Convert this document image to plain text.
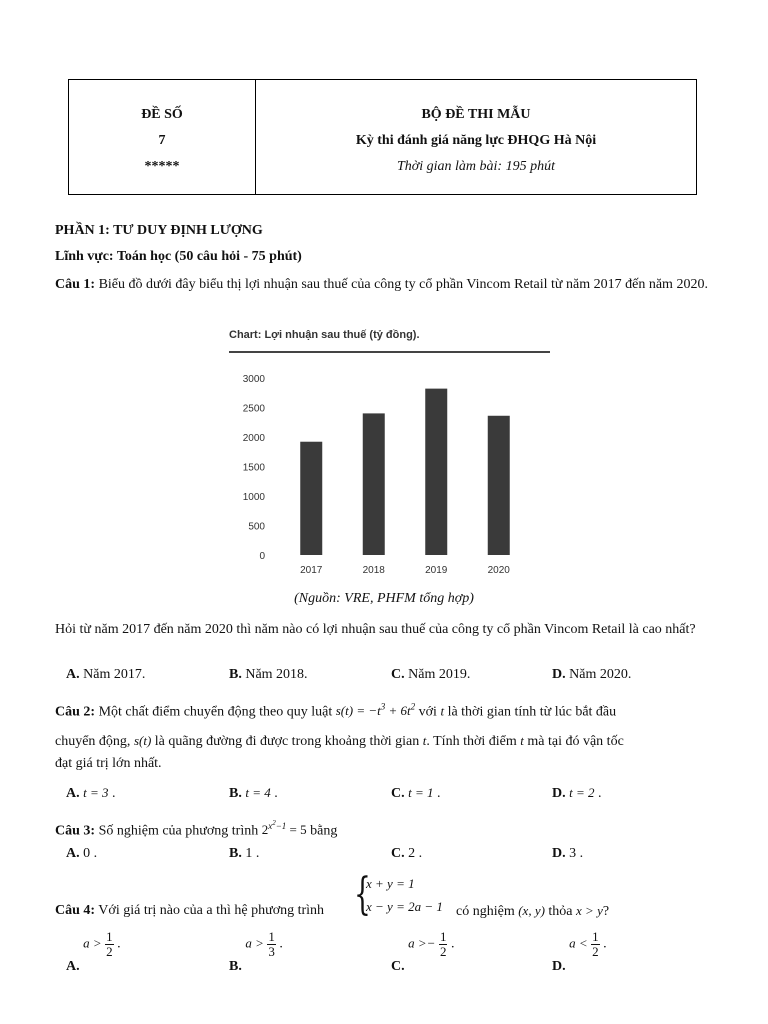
ĐỀ SỐ
7
*****
BỘ ĐỀ THI MẪU
Kỳ thi đánh giá năng lực ĐHQG Hà Nội
Thời gian làm bài: 195 phút
PHẦN 1: TƯ DUY ĐỊNH LƯỢNG
Lĩnh vực: Toán học (50 câu hỏi - 75 phút)
Câu 1: Biểu đồ dưới đây biểu thị lợi nhuận sau thuế của công ty cổ phần Vincom Retail từ năm 2017 đến năm 2020.
Chart: Lợi nhuận sau thuế (tỷ đồng).
0
500
1000
1500
2000
2500
3000
2017	2018	2019	2020
(Nguồn: VRE, PHFM tổng hợp)
Hỏi từ năm 2017 đến năm 2020 thì năm nào có lợi nhuận sau thuế của công ty cổ phần Vincom Retail là cao nhất?
A. Năm 2017.	B. Năm 2018.	C. Năm 2019.	D. Năm 2020.
Câu 2: Một chất điểm chuyển động theo quy luật $s(t) = -t^3 + 6t^2$ với t là thời gian tính từ lúc bắt đầu
chuyển động, s(t) là quãng đường đi được trong khoảng thời gian t. Tính thời điểm t mà tại đó vận tốc
đạt giá trị lớn nhất.
A. t = 3 .	B. t = 4 .	C. t = 1 .	D. t = 2 .
Câu 3: Số nghiệm của phương trình $2^{x^2-1} = 5$ bằng
A. 0 .	B. 1 .	C. 2 .	D. 3 .
Câu 4: Với giá trị nào của a thì hệ phương trình {
x + y = 1
x − y = 2a − 1 có nghiệm (x, y) thỏa x > y?
A. $a > \frac{1}{2}$ .
B. $a > \frac{1}{3}$ .
C. $a >- \frac{1}{2}$ .
D. $a < \frac{1}{2}$ .
